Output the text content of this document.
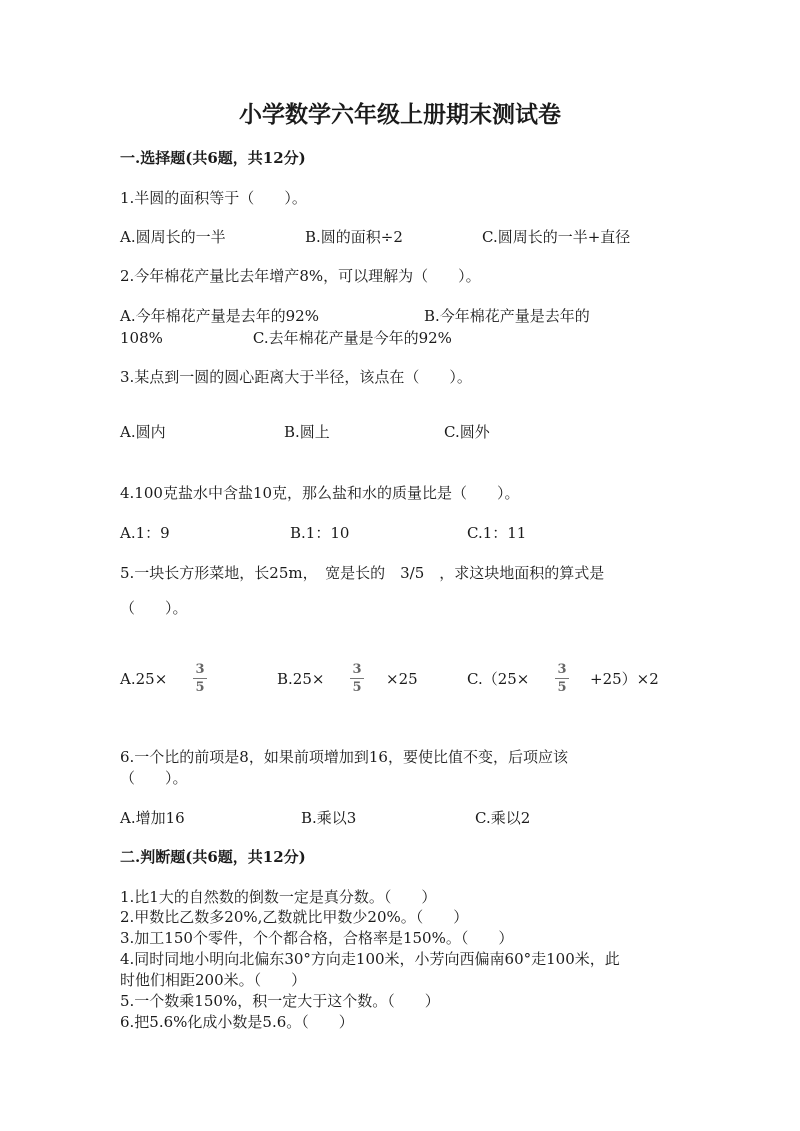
小学数学六年级上册期末测试卷
一.选择题(共6题，共12分)
1.半圆的面积等于（　　）。
A.圆周长的一半	B.圆的面积÷2	C.圆周长的一半+直径
2.今年棉花产量比去年增产8%，可以理解为（　　）。
A.今年棉花产量是去年的92%　　　　　　　B.今年棉花产量是去年的
108%　　　　　　C.去年棉花产量是今年的92%
3.某点到一圆的圆心距离大于半径，该点在（　　）。
A.圆内	B.圆上	C.圆外
4.100克盐水中含盐10克，那么盐和水的质量比是（　　）。
A.1：9	B.1：10	C.1：11
5.一块长方形菜地，长25m，　宽是长的　3/5　，求这块地面积的算式是
（　　）。
A.25×
3
5	B.25×
3
5 ×25	C.（25×
3
5 +25）×2
6.一个比的前项是8，如果前项增加到16，要使比值不变，后项应该
（　　）。
A.增加16	B.乘以3	C.乘以2
二.判断题(共6题，共12分)
1.比1大的自然数的倒数一定是真分数。（　　）
2.甲数比乙数多20%,乙数就比甲数少20%。（　　）
3.加工150个零件，个个都合格，合格率是150%。（　　）
4.同时同地小明向北偏东30°方向走100米，小芳向西偏南60°走100米，此
时他们相距200米。（　　）
5.一个数乘150%，积一定大于这个数。（　　）
6.把5.6%化成小数是5.6。（　　）
